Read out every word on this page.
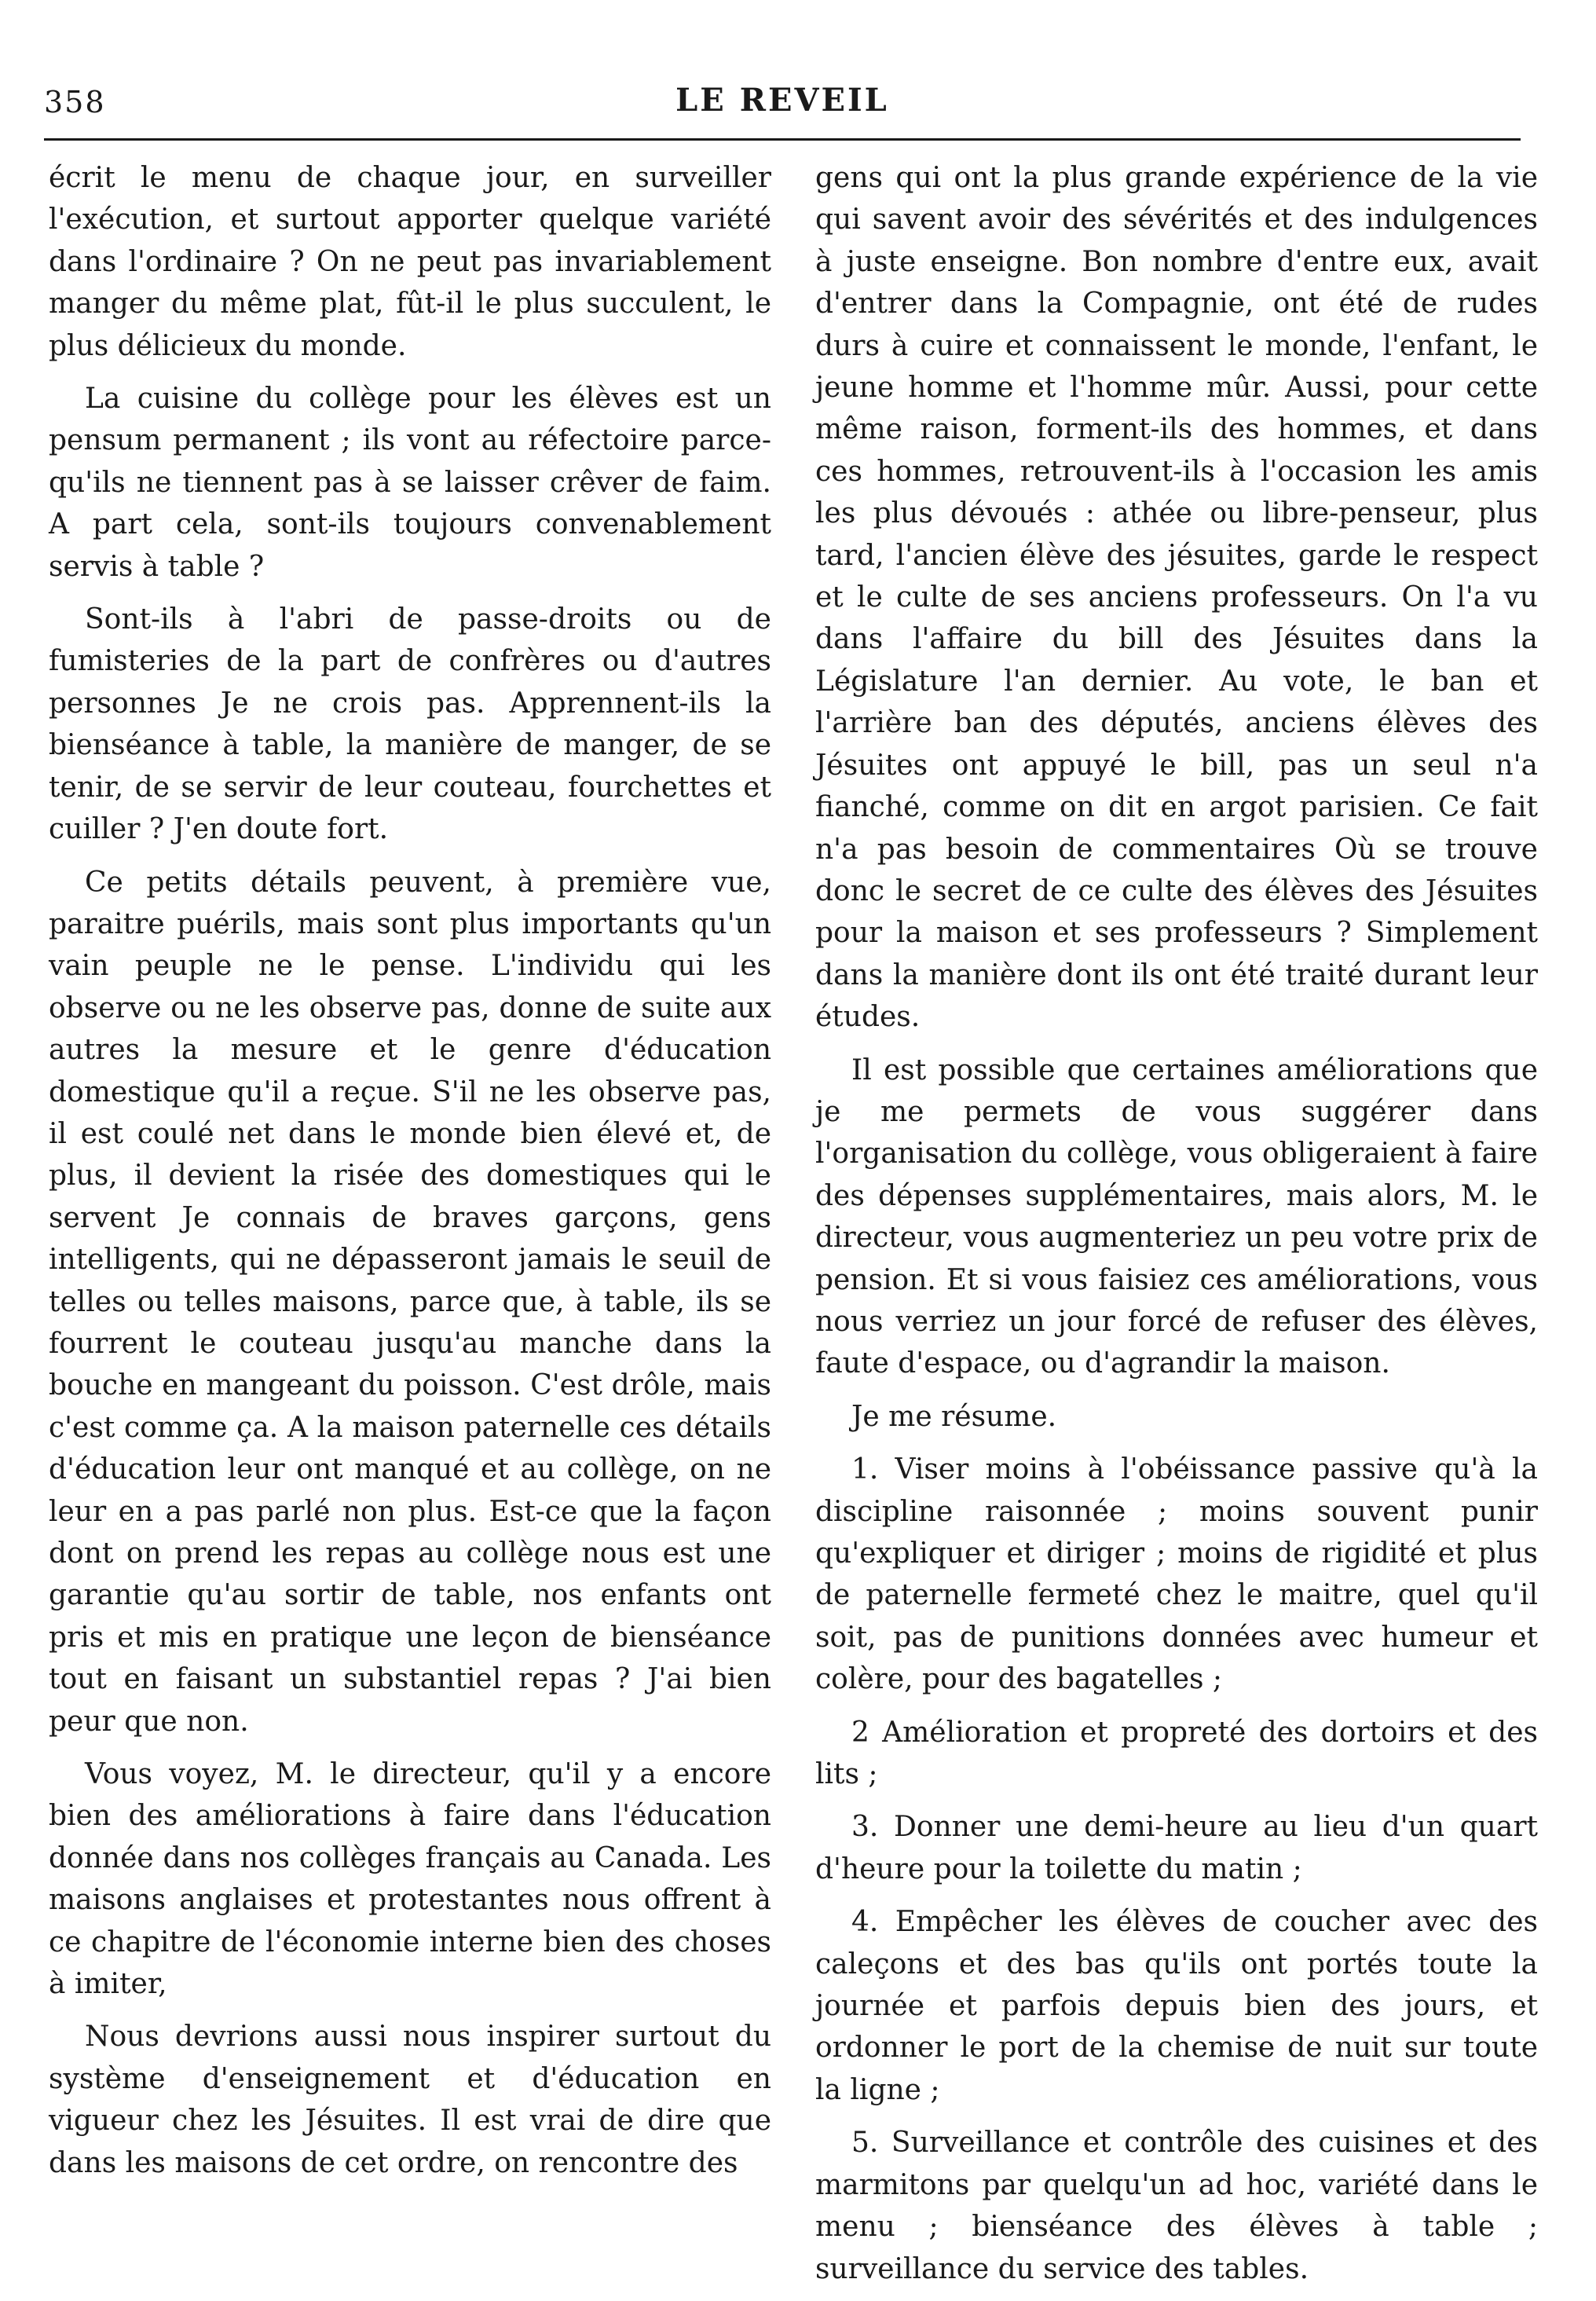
358	LE REVEIL

écrit le menu de chaque jour, en surveiller l'exécution, et surtout apporter quelque variété dans l'ordinaire ? On ne peut pas invariablement manger du même plat, fût-il le plus succulent, le plus délicieux du monde.

La cuisine du collège pour les élèves est un pensum permanent ; ils vont au réfectoire parce-qu'ils ne tiennent pas à se laisser crêver de faim. A part cela, sont-ils toujours convenablement servis à table ?

Sont-ils à l'abri de passe-droits ou de fumisteries de la part de confrères ou d'autres personnes Je ne crois pas. Apprennent-ils la bienséance à table, la manière de manger, de se tenir, de se servir de leur couteau, fourchettes et cuiller ? J'en doute fort.

Ce petits détails peuvent, à première vue, paraitre puérils, mais sont plus importants qu'un vain peuple ne le pense. L'individu qui les observe ou ne les observe pas, donne de suite aux autres la mesure et le genre d'éducation domestique qu'il a reçue. S'il ne les observe pas, il est coulé net dans le monde bien élevé et, de plus, il devient la risée des domestiques qui le servent Je connais de braves garçons, gens intelligents, qui ne dépasseront jamais le seuil de telles ou telles maisons, parce que, à table, ils se fourrent le couteau jusqu'au manche dans la bouche en mangeant du poisson. C'est drôle, mais c'est comme ça. A la maison paternelle ces détails d'éducation leur ont manqué et au collège, on ne leur en a pas parlé non plus. Est-ce que la façon dont on prend les repas au collège nous est une garantie qu'au sortir de table, nos enfants ont pris et mis en pratique une leçon de bienséance tout en faisant un substantiel repas ? J'ai bien peur que non.

Vous voyez, M. le directeur, qu'il y a encore bien des améliorations à faire dans l'éducation donnée dans nos collèges français au Canada. Les maisons anglaises et protestantes nous offrent à ce chapitre de l'économie interne bien des choses à imiter,

Nous devrions aussi nous inspirer surtout du système d'enseignement et d'éducation en vigueur chez les Jésuites. Il est vrai de dire que dans les maisons de cet ordre, on rencontre des

gens qui ont la plus grande expérience de la vie qui savent avoir des sévérités et des indulgences à juste enseigne. Bon nombre d'entre eux, avait d'entrer dans la Compagnie, ont été de rudes durs à cuire et connaissent le monde, l'enfant, le jeune homme et l'homme mûr. Aussi, pour cette même raison, forment-ils des hommes, et dans ces hommes, retrouvent-ils à l'occasion les amis les plus dévoués : athée ou libre-penseur, plus tard, l'ancien élève des jésuites, garde le respect et le culte de ses anciens professeurs. On l'a vu dans l'affaire du bill des Jésuites dans la Législature l'an dernier. Au vote, le ban et l'arrière ban des députés, anciens élèves des Jésuites ont appuyé le bill, pas un seul n'a fianché, comme on dit en argot parisien. Ce fait n'a pas besoin de commentaires Où se trouve donc le secret de ce culte des élèves des Jésuites pour la maison et ses professeurs ? Simplement dans la manière dont ils ont été traité durant leur études.

Il est possible que certaines améliorations que je me permets de vous suggérer dans l'organisation du collège, vous obligeraient à faire des dépenses supplémentaires, mais alors, M. le directeur, vous augmenteriez un peu votre prix de pension. Et si vous faisiez ces améliorations, vous nous verriez un jour forcé de refuser des élèves, faute d'espace, ou d'agrandir la maison.

Je me résume.

1. Viser moins à l'obéissance passive qu'à la discipline raisonnée ; moins souvent punir qu'expliquer et diriger ; moins de rigidité et plus de paternelle fermeté chez le maitre, quel qu'il soit, pas de punitions données avec humeur et colère, pour des bagatelles ;

2 Amélioration et propreté des dortoirs et des lits ;

3. Donner une demi-heure au lieu d'un quart d'heure pour la toilette du matin ;

4. Empêcher les élèves de coucher avec des caleçons et des bas qu'ils ont portés toute la journée et parfois depuis bien des jours, et ordonner le port de la chemise de nuit sur toute la ligne ;

5. Surveillance et contrôle des cuisines et des marmitons par quelqu'un ad hoc, variété dans le menu ; bienséance des élèves à table ; surveillance du service des tables.
